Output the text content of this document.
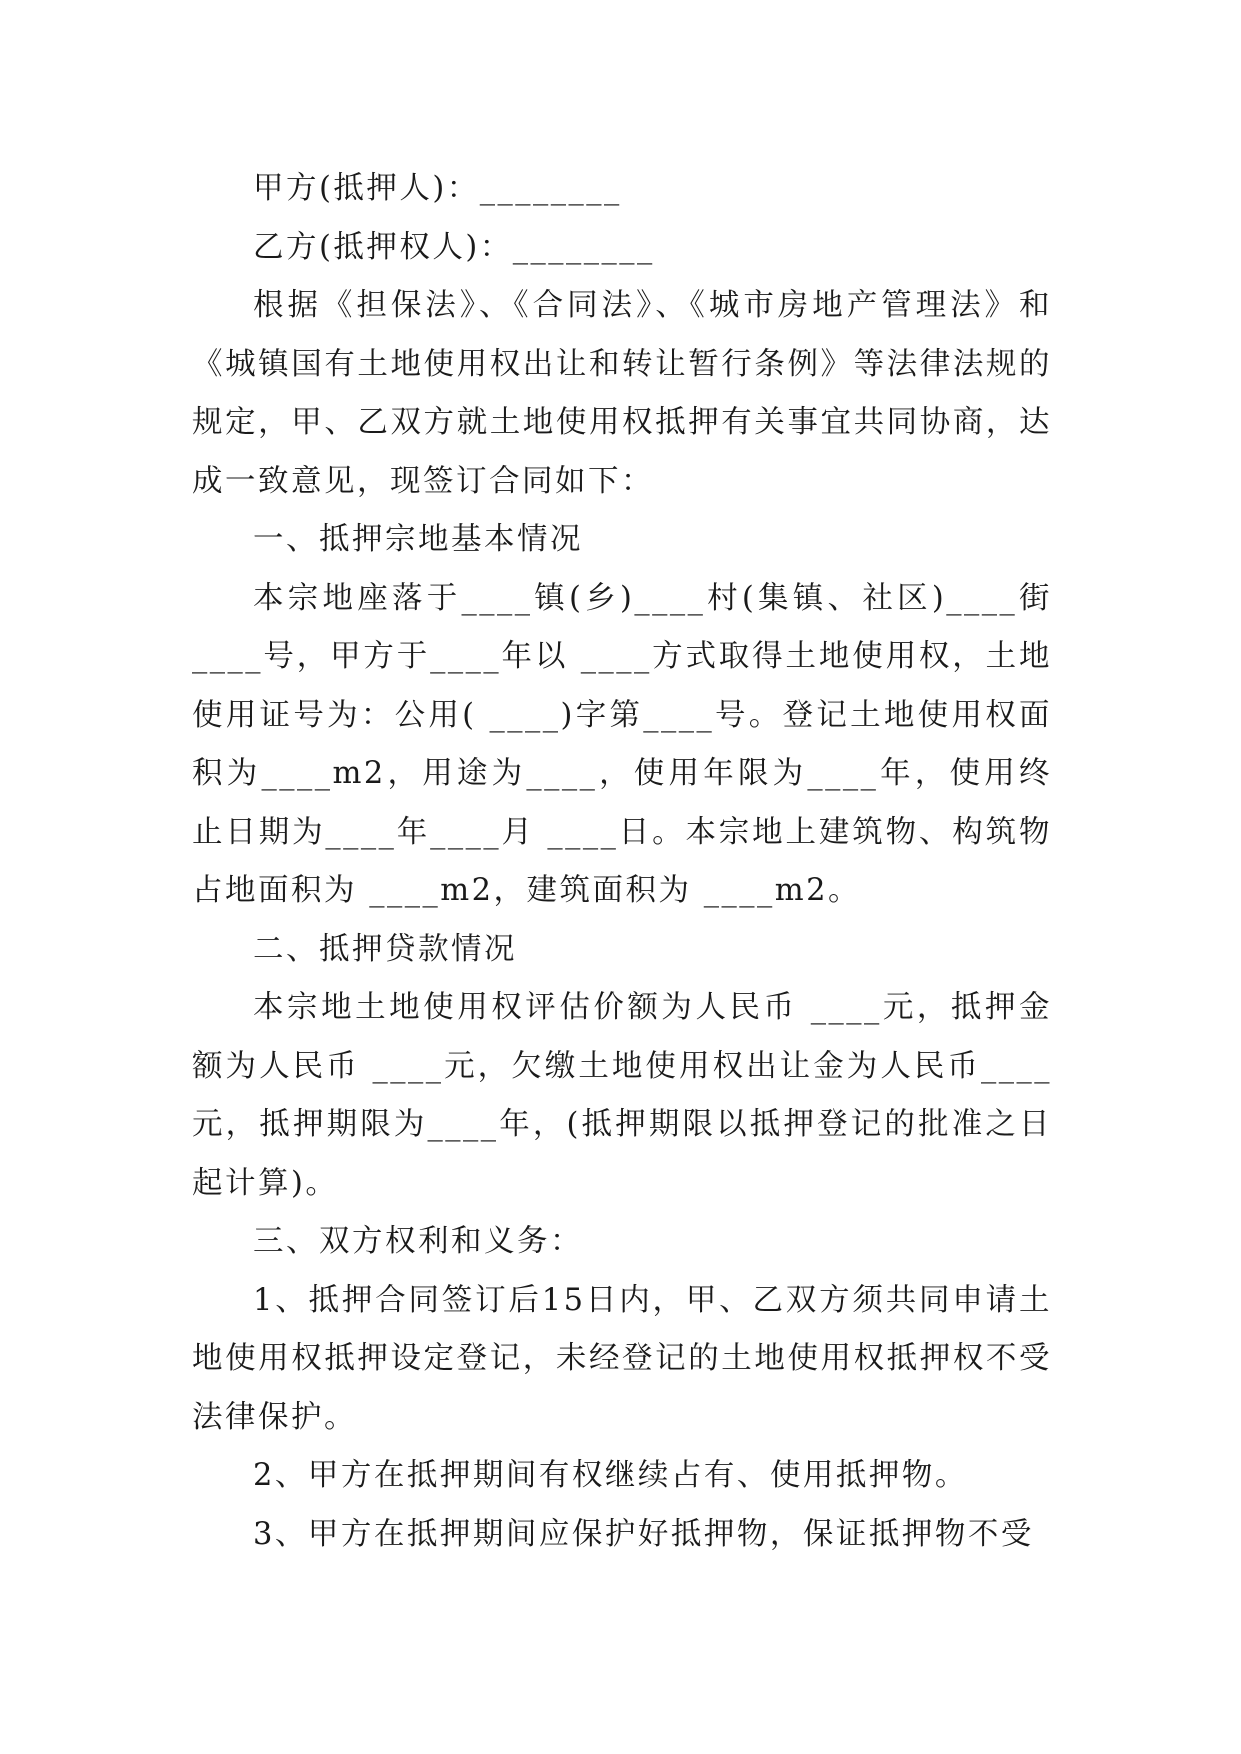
甲方(抵押人)：________

乙方(抵押权人)：________

根据《担保法》、《合同法》、《城市房地产管理法》和《城镇国有土地使用权出让和转让暂行条例》等法律法规的规定，甲、乙双方就土地使用权抵押有关事宜共同协商，达成一致意见，现签订合同如下：

一、抵押宗地基本情况

本宗地座落于____镇(乡)____村(集镇、社区)____街____号，甲方于____年以 ____方式取得土地使用权，土地使用证号为：公用( ____)字第____号。登记土地使用权面积为____m2，用途为____，使用年限为____年，使用终止日期为____年____月 ____日。本宗地上建筑物、构筑物占地面积为 ____m2，建筑面积为 ____m2。

二、抵押贷款情况

本宗地土地使用权评估价额为人民币 ____元，抵押金额为人民币 ____元，欠缴土地使用权出让金为人民币____元，抵押期限为____年，(抵押期限以抵押登记的批准之日起计算)。

三、双方权利和义务：

1、抵押合同签订后15日内，甲、乙双方须共同申请土地使用权抵押设定登记，未经登记的土地使用权抵押权不受法律保护。

2、甲方在抵押期间有权继续占有、使用抵押物。

3、甲方在抵押期间应保护好抵押物，保证抵押物不受
